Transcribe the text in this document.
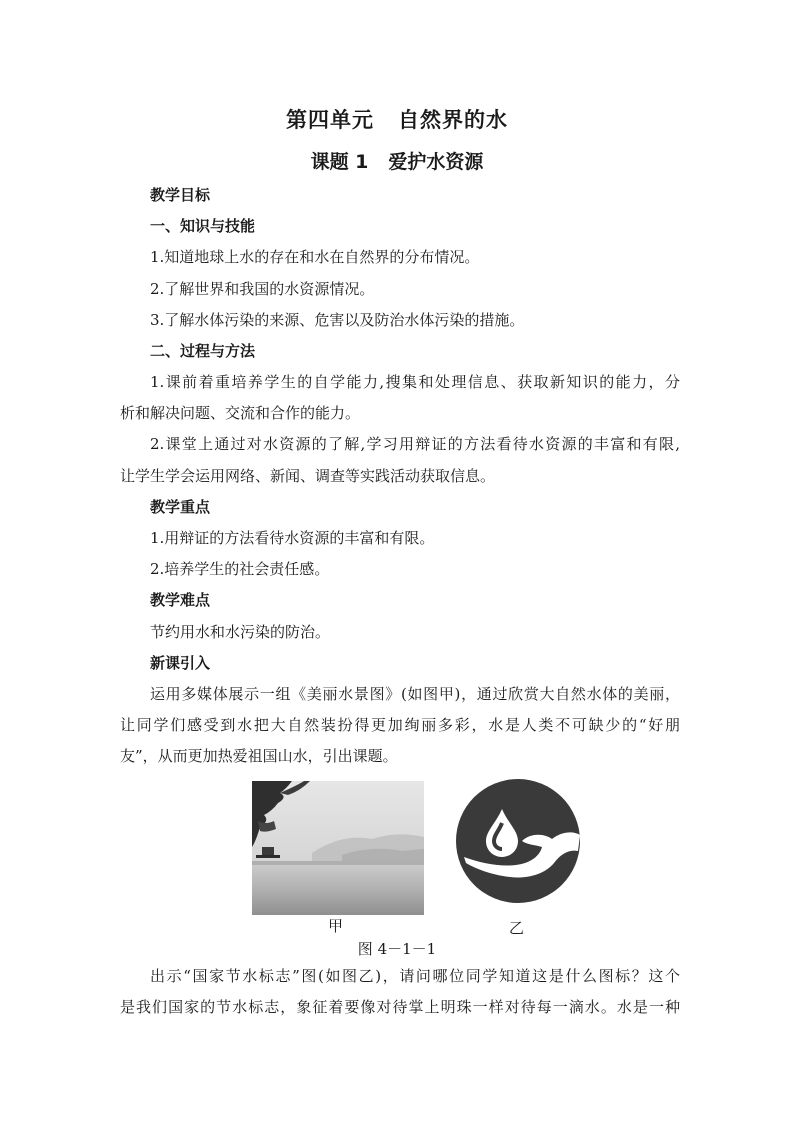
第四单元 自然界的水
课题 1 爱护水资源
教学目标
一、知识与技能
1.知道地球上水的存在和水在自然界的分布情况。
2.了解世界和我国的水资源情况。
3.了解水体污染的来源、危害以及防治水体污染的措施。
二、过程与方法
1.课前着重培养学生的自学能力,搜集和处理信息、获取新知识的能力，分
析和解决问题、交流和合作的能力。
2.课堂上通过对水资源的了解,学习用辩证的方法看待水资源的丰富和有限,
让学生学会运用网络、新闻、调查等实践活动获取信息。
教学重点
1.用辩证的方法看待水资源的丰富和有限。
2.培养学生的社会责任感。
教学难点
节约用水和水污染的防治。
新课引入
运用多媒体展示一组《美丽水景图》(如图甲)，通过欣赏大自然水体的美丽，
让同学们感受到水把大自然装扮得更加绚丽多彩，水是人类不可缺少的“好朋
友”，从而更加热爱祖国山水，引出课题。
甲	乙
图 4－1－1
出示“国家节水标志”图(如图乙)，请问哪位同学知道这是什么图标？这个
是我们国家的节水标志，象征着要像对待掌上明珠一样对待每一滴水。水是一种
